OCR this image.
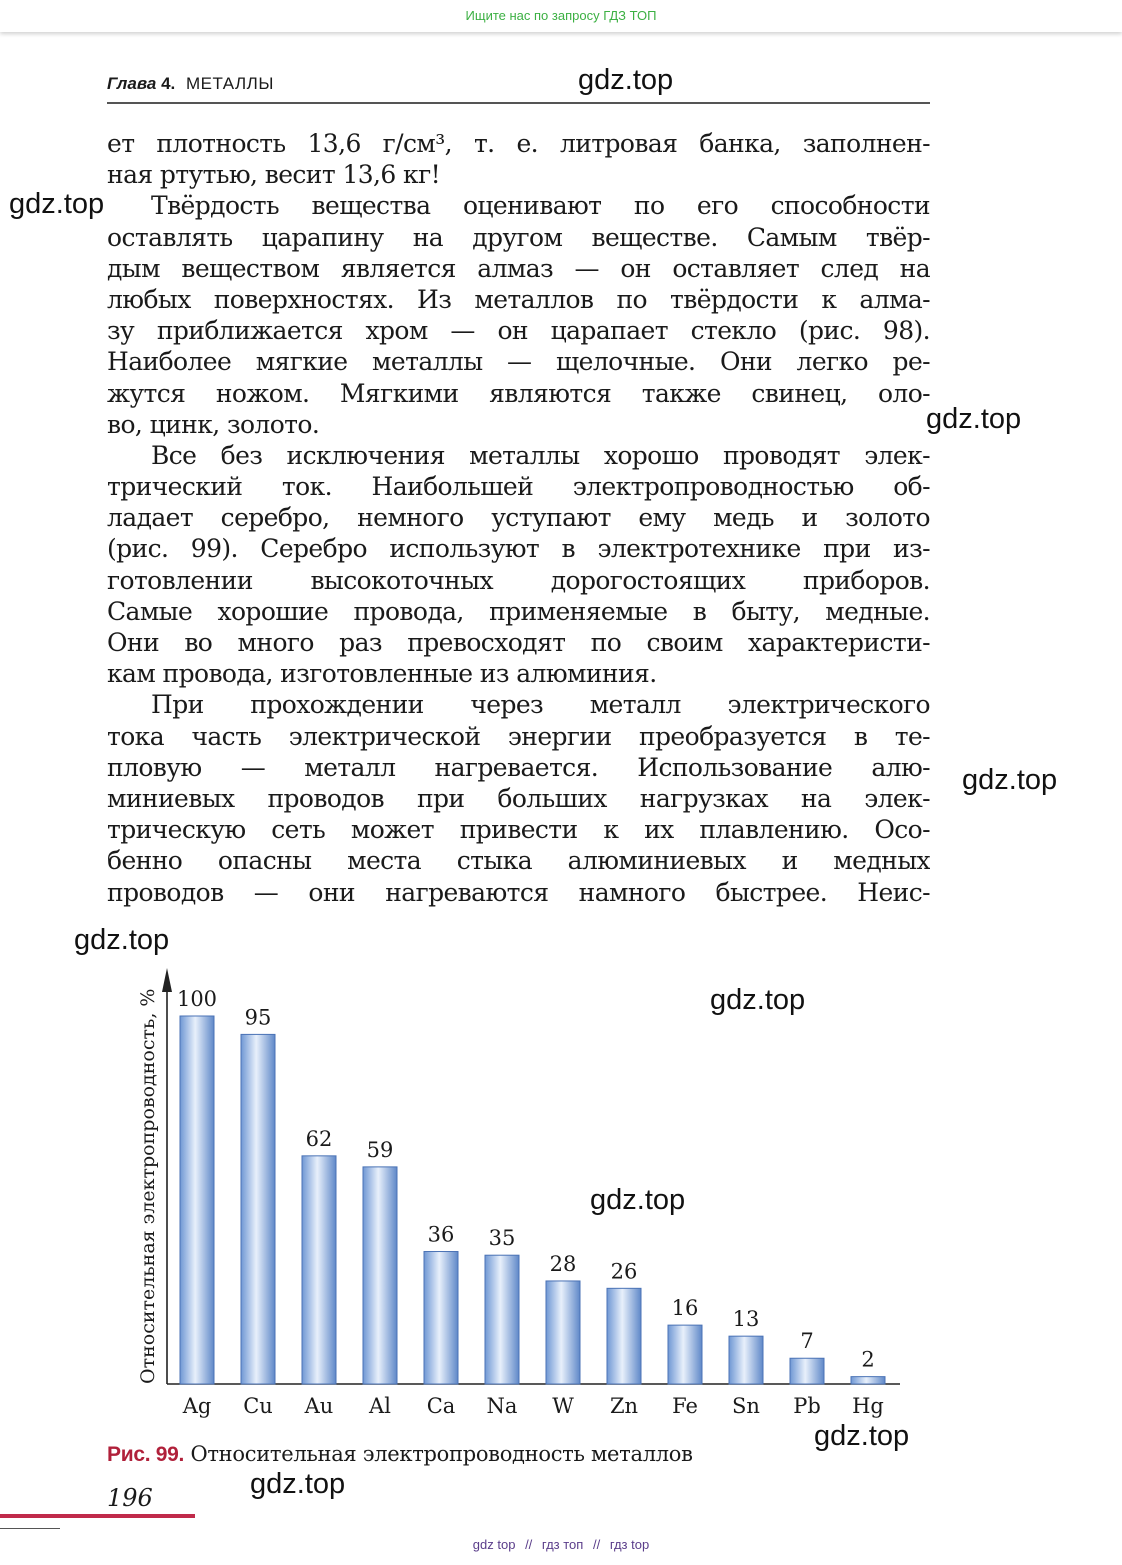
Ищите нас по запросу ГДЗ ТОП
Глава 4. МЕТАЛЛЫ
ет плотность 13,6 г/см³, т. е. литровая банка, заполнен-
ная ртутью, весит 13,6 кг!
Твёрдость вещества оценивают по его способности
оставлять царапину на другом веществе. Самым твёр-
дым веществом является алмаз — он оставляет след на
любых поверхностях. Из металлов по твёрдости к алма-
зу приближается хром — он царапает стекло (рис. 98).
Наиболее мягкие металлы — щелочные. Они легко ре-
жутся ножом. Мягкими являются также свинец, оло-
во, цинк, золото.
Все без исключения металлы хорошо проводят элек-
трический ток. Наибольшей электропроводностью об-
ладает серебро, немного уступают ему медь и золото
(рис. 99). Серебро используют в электротехнике при из-
готовлении высокоточных дорогостоящих приборов.
Самые хорошие провода, применяемые в быту, медные.
Они во много раз превосходят по своим характеристи-
кам провода, изготовленные из алюминия.
При прохождении через металл электрического
тока часть электрической энергии преобразуется в те-
пловую — металл нагревается. Использование алю-
миниевых проводов при больших нагрузках на элек-
трическую сеть может привести к их плавлению. Осо-
бенно опасны места стыка алюминиевых и медных
проводов — они нагреваются намного быстрее. Неис-
gdz.top
gdz.top
gdz.top
gdz.top
gdz.top
gdz.top
gdz.top
gdz.top
gdz.top
Относительная электропроводность, % 100
Ag
95
Cu
62
Au
59
Al
36
Ca
35
Na
28
W
26
Zn
16
Fe
13
Sn
7
Pb
2
Hg
Рис. 99. Относительная электропроводность металлов
196
gdz top // гдз топ // гдз top
